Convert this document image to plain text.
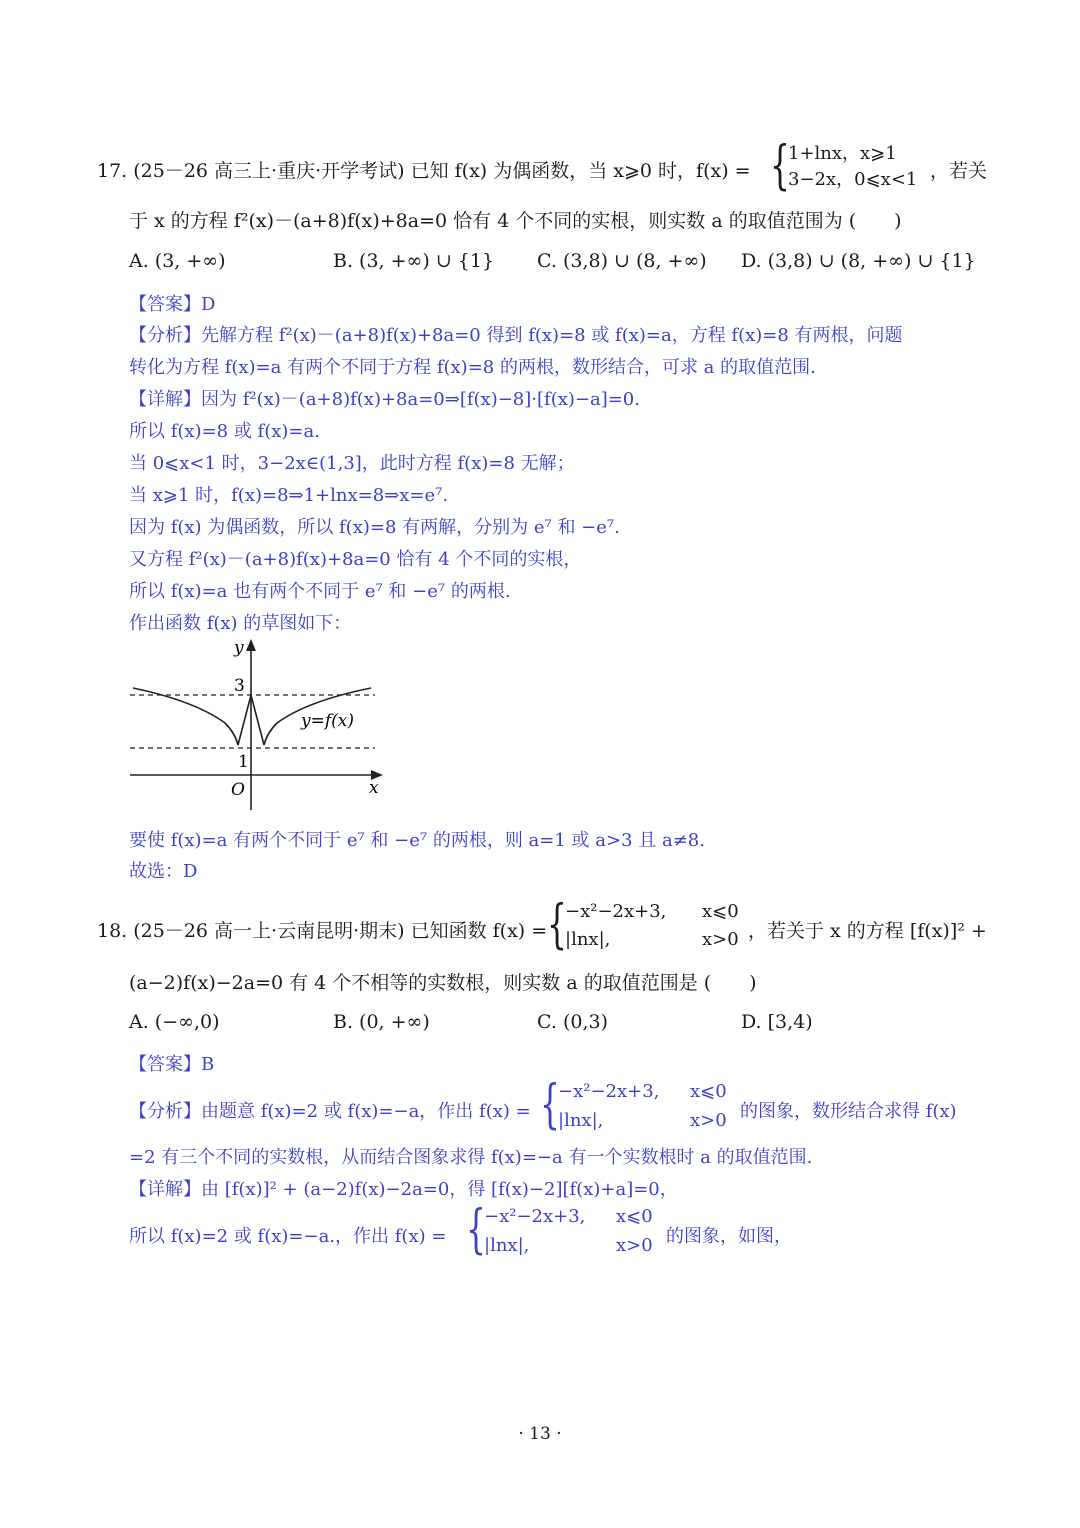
17. (25－26 高三上·重庆·开学考试) 已知 f(x) 为偶函数，当 x⩾0 时，f(x) = {
1+lnx，x⩾1
3−2x，0⩽x<1 ，若关
于 x 的方程 f²(x)－(a+8)f(x)+8a=0 恰有 4 个不同的实根，则实数 a 的取值范围为 (　　)
A. (3, +∞)	B. (3, +∞) ∪ {1} C. (3,8) ∪ (8, +∞) D. (3,8) ∪ (8, +∞) ∪ {1}
【答案】D
【分析】先解方程 f²(x)－(a+8)f(x)+8a=0 得到 f(x)=8 或 f(x)=a，方程 f(x)=8 有两根，问题
转化为方程 f(x)=a 有两个不同于方程 f(x)=8 的两根，数形结合，可求 a 的取值范围.
【详解】因为 f²(x)－(a+8)f(x)+8a=0⇒[f(x)−8]·[f(x)−a]=0.
所以 f(x)=8 或 f(x)=a.
当 0⩽x<1 时，3−2x∈(1,3]，此时方程 f(x)=8 无解；
当 x⩾1 时，f(x)=8⇒1+lnx=8⇒x=e⁷.
因为 f(x) 为偶函数，所以 f(x)=8 有两解，分别为 e⁷ 和 −e⁷.
又方程 f²(x)－(a+8)f(x)+8a=0 恰有 4 个不同的实根，
所以 f(x)=a 也有两个不同于 e⁷ 和 −e⁷ 的两根.
作出函数 f(x) 的草图如下：
y
3
1
O	x
y=f(x)
要使 f(x)=a 有两个不同于 e⁷ 和 −e⁷ 的两根，则 a=1 或 a>3 且 a≠8.
故选：D
18. (25－26 高一上·云南昆明·期末) 已知函数 f(x) = {
−x²−2x+3, x⩽0
|lnx|,	x>0 ，若关于 x 的方程 [f(x)]² +
(a−2)f(x)−2a=0 有 4 个不相等的实数根，则实数 a 的取值范围是 (　　)
A. (−∞,0)	B. (0, +∞)	C. (0,3)	D. [3,4)
【答案】B
【分析】由题意 f(x)=2 或 f(x)=−a，作出 f(x) = {
−x²−2x+3, x⩽0
|lnx|,	x>0 的图象，数形结合求得 f(x)
=2 有三个不同的实数根，从而结合图象求得 f(x)=−a 有一个实数根时 a 的取值范围.
【详解】由 [f(x)]² + (a−2)f(x)−2a=0，得 [f(x)−2][f(x)+a]=0，
所以 f(x)=2 或 f(x)=−a.，作出 f(x) = {
−x²−2x+3, x⩽0
|lnx|,	x>0 的图象，如图，
· 13 ·
